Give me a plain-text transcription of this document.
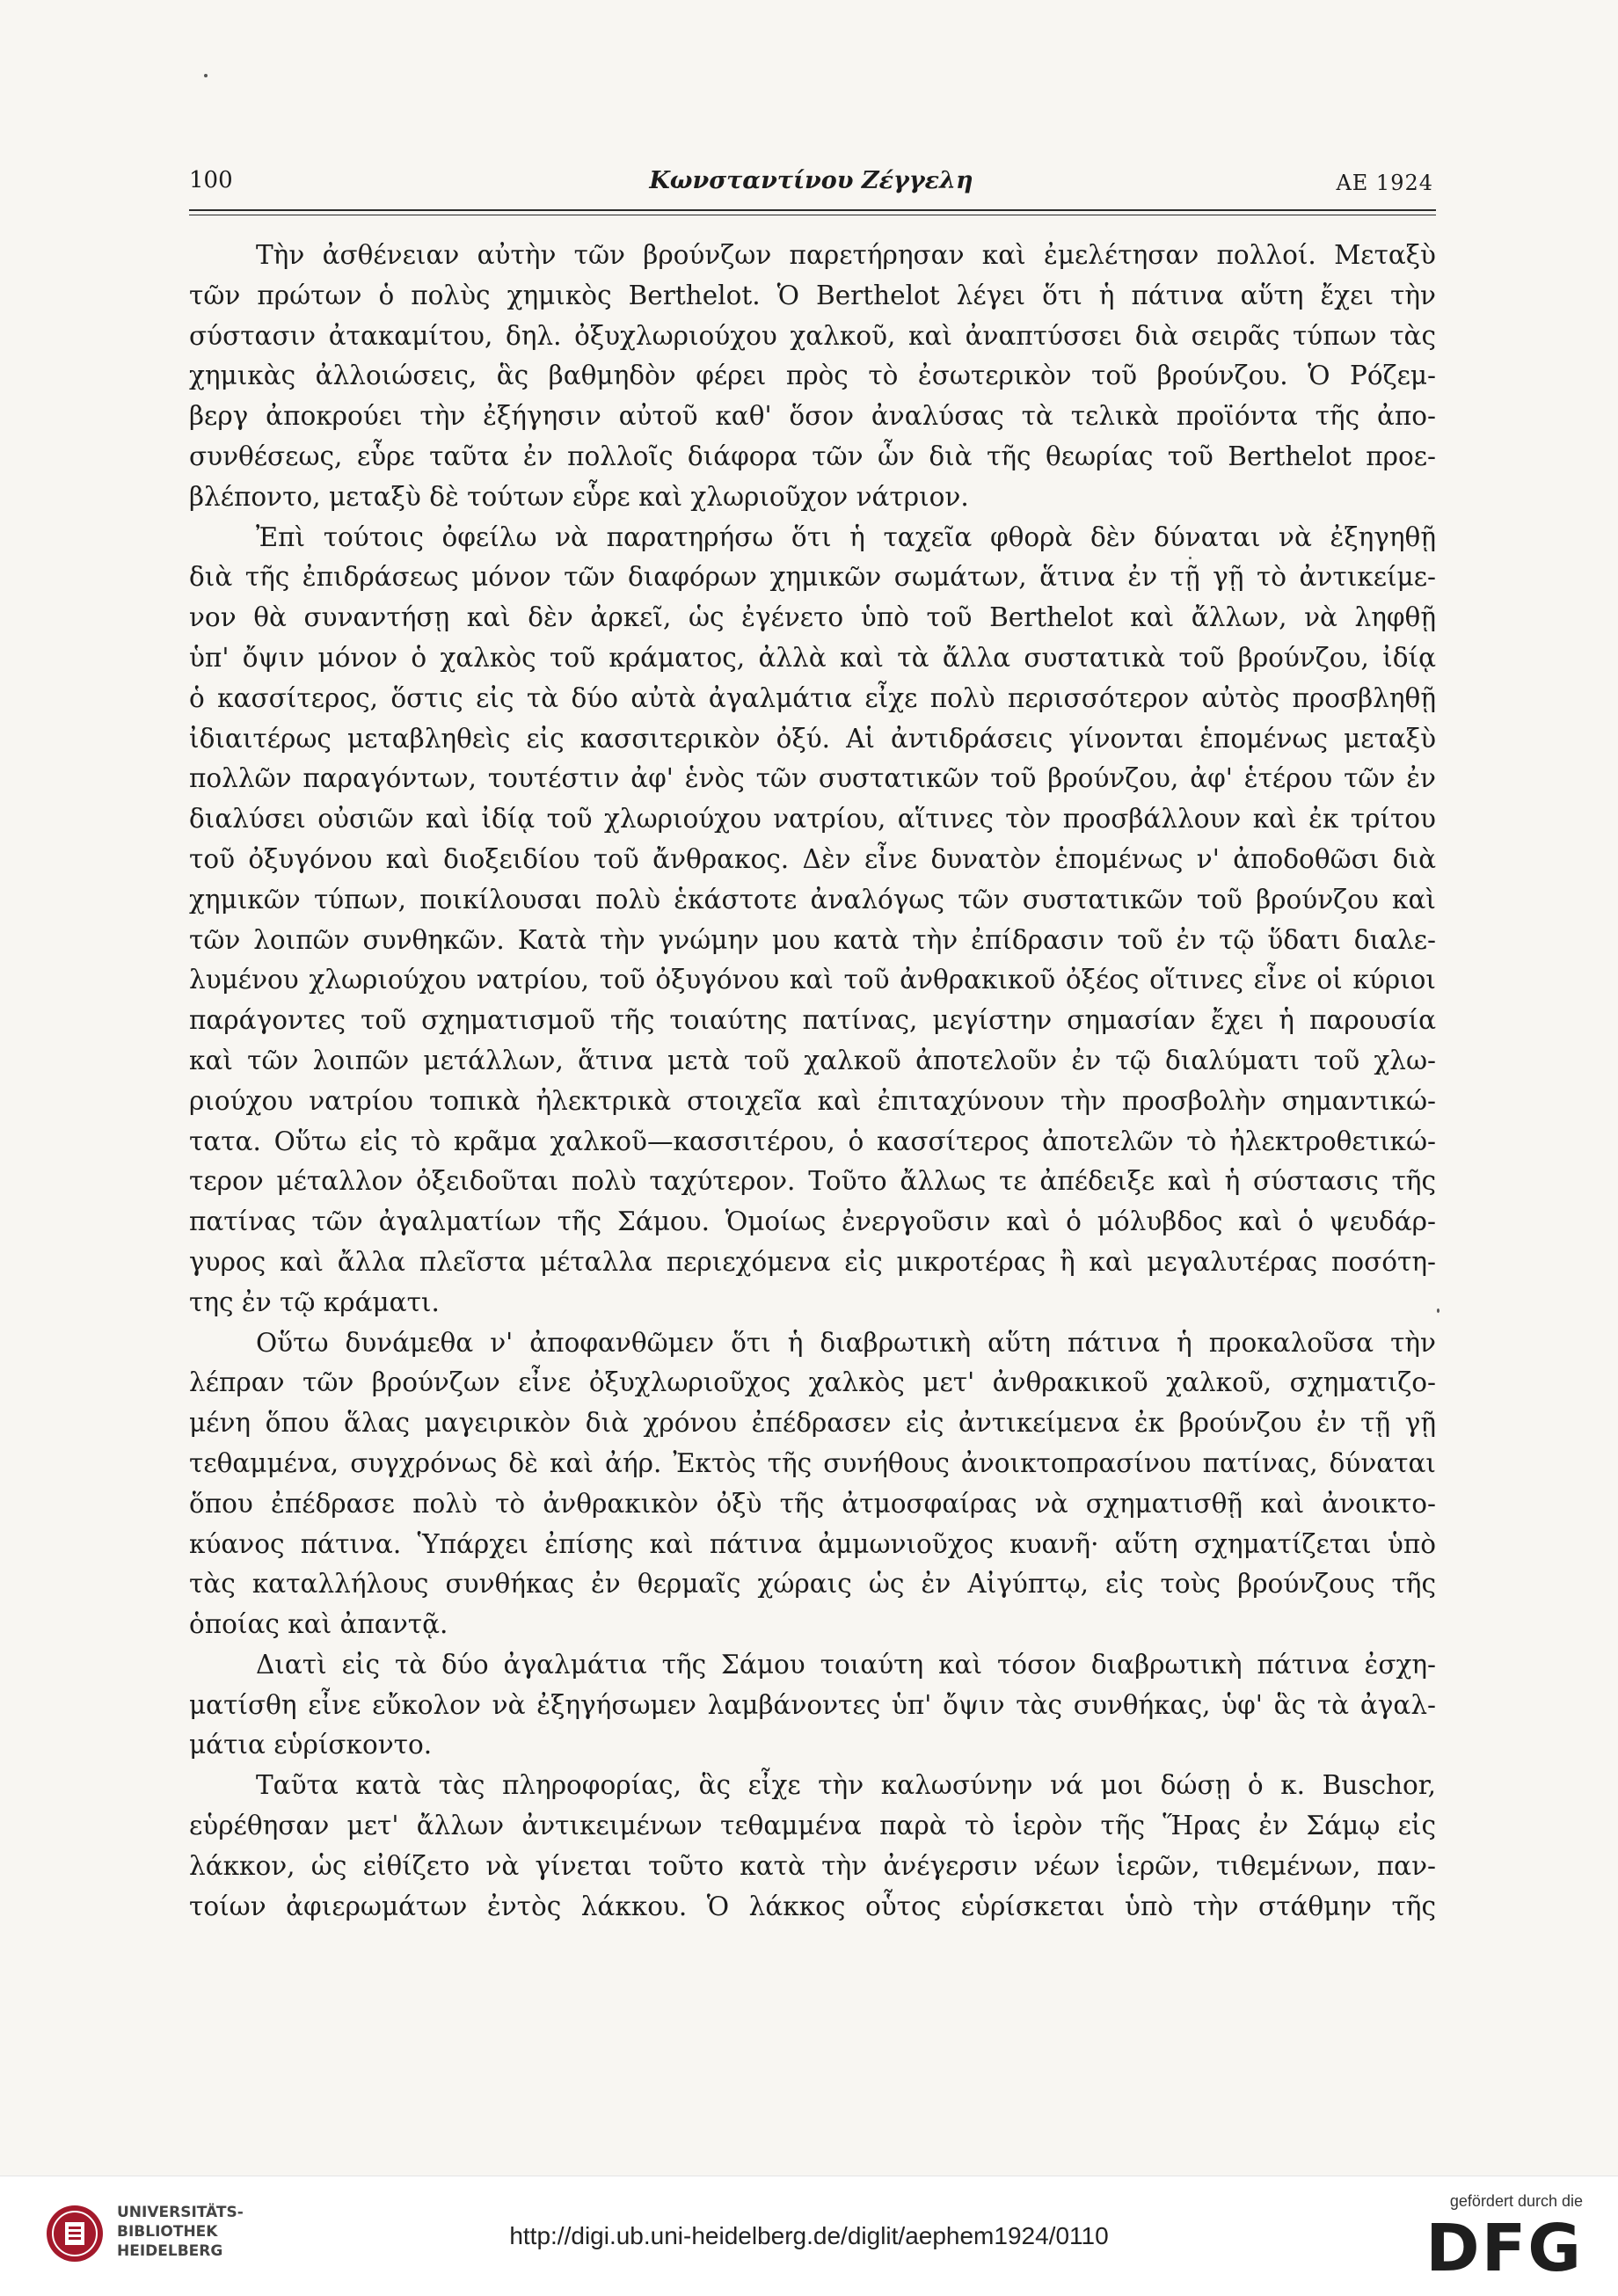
100	Κωνσταντίνου Ζέγγελη	ΑΕ 1924

Τὴν ἀσθένειαν αὐτὴν τῶν βρούνζων παρετήρησαν καὶ ἐμελέτησαν πολλοί. Μεταξὺ
τῶν πρώτων ὁ πολὺς χημικὸς Berthelot. Ὁ Berthelot λέγει ὅτι ἡ πάτινα αὕτη ἔχει τὴν
σύστασιν ἀτακαμίτου, δηλ. ὀξυχλωριούχου χαλκοῦ, καὶ ἀναπτύσσει διὰ σειρᾶς τύπων τὰς
χημικὰς ἀλλοιώσεις, ἃς βαθμηδὸν φέρει πρὸς τὸ ἐσωτερικὸν τοῦ βρούνζου. Ὁ Ρόζεμ-
βεργ ἀποκρούει τὴν ἐξήγησιν αὐτοῦ καθ' ὅσον ἀναλύσας τὰ τελικὰ προϊόντα τῆς ἀπο-
συνθέσεως, εὗρε ταῦτα ἐν πολλοῖς διάφορα τῶν ὧν διὰ τῆς θεωρίας τοῦ Berthelot προε-
βλέποντο, μεταξὺ δὲ τούτων εὗρε καὶ χλωριοῦχον νάτριον.

Ἐπὶ τούτοις ὀφείλω νὰ παρατηρήσω ὅτι ἡ ταχεῖα φθορὰ δὲν δύναται νὰ ἐξηγηθῇ
διὰ τῆς ἐπιδράσεως μόνον τῶν διαφόρων χημικῶν σωμάτων, ἅτινα ἐν τῇ γῇ τὸ ἀντικείμε-
νον θὰ συναντήσῃ καὶ δὲν ἀρκεῖ, ὡς ἐγένετο ὑπὸ τοῦ Berthelot καὶ ἄλλων, νὰ ληφθῇ
ὑπ' ὄψιν μόνον ὁ χαλκὸς τοῦ κράματος, ἀλλὰ καὶ τὰ ἄλλα συστατικὰ τοῦ βρούνζου, ἰδίᾳ
ὁ κασσίτερος, ὅστις εἰς τὰ δύο αὐτὰ ἀγαλμάτια εἶχε πολὺ περισσότερον αὐτὸς προσβληθῇ
ἰδιαιτέρως μεταβληθεὶς εἰς κασσιτερικὸν ὀξύ. Αἱ ἀντιδράσεις γίνονται ἑπομένως μεταξὺ
πολλῶν παραγόντων, τουτέστιν ἀφ' ἑνὸς τῶν συστατικῶν τοῦ βρούνζου, ἀφ' ἑτέρου τῶν ἐν
διαλύσει οὐσιῶν καὶ ἰδίᾳ τοῦ χλωριούχου νατρίου, αἵτινες τὸν προσβάλλουν καὶ ἐκ τρίτου
τοῦ ὀξυγόνου καὶ διοξειδίου τοῦ ἄνθρακος. Δὲν εἶνε δυνατὸν ἑπομένως ν' ἀποδοθῶσι διὰ
χημικῶν τύπων, ποικίλουσαι πολὺ ἑκάστοτε ἀναλόγως τῶν συστατικῶν τοῦ βρούνζου καὶ
τῶν λοιπῶν συνθηκῶν. Κατὰ τὴν γνώμην μου κατὰ τὴν ἐπίδρασιν τοῦ ἐν τῷ ὕδατι διαλε-
λυμένου χλωριούχου νατρίου, τοῦ ὀξυγόνου καὶ τοῦ ἀνθρακικοῦ ὀξέος οἵτινες εἶνε οἱ κύριοι
παράγοντες τοῦ σχηματισμοῦ τῆς τοιαύτης πατίνας, μεγίστην σημασίαν ἔχει ἡ παρουσία
καὶ τῶν λοιπῶν μετάλλων, ἅτινα μετὰ τοῦ χαλκοῦ ἀποτελοῦν ἐν τῷ διαλύματι τοῦ χλω-
ριούχου νατρίου τοπικὰ ἠλεκτρικὰ στοιχεῖα καὶ ἐπιταχύνουν τὴν προσβολὴν σημαντικώ-
τατα. Οὕτω εἰς τὸ κρᾶμα χαλκοῦ—κασσιτέρου, ὁ κασσίτερος ἀποτελῶν τὸ ἠλεκτροθετικώ-
τερον μέταλλον ὀξειδοῦται πολὺ ταχύτερον. Τοῦτο ἄλλως τε ἀπέδειξε καὶ ἡ σύστασις τῆς
πατίνας τῶν ἀγαλματίων τῆς Σάμου. Ὁμοίως ἐνεργοῦσιν καὶ ὁ μόλυβδος καὶ ὁ ψευδάρ-
γυρος καὶ ἄλλα πλεῖστα μέταλλα περιεχόμενα εἰς μικροτέρας ἢ καὶ μεγαλυτέρας ποσότη-
της ἐν τῷ κράματι.

Οὕτω δυνάμεθα ν' ἀποφανθῶμεν ὅτι ἡ διαβρωτικὴ αὕτη πάτινα ἡ προκαλοῦσα τὴν
λέπραν τῶν βρούνζων εἶνε ὀξυχλωριοῦχος χαλκὸς μετ' ἀνθρακικοῦ χαλκοῦ, σχηματιζο-
μένη ὅπου ἅλας μαγειρικὸν διὰ χρόνου ἐπέδρασεν εἰς ἀντικείμενα ἐκ βρούνζου ἐν τῇ γῇ
τεθαμμένα, συγχρόνως δὲ καὶ ἀήρ. Ἐκτὸς τῆς συνήθους ἀνοικτοπρασίνου πατίνας, δύναται
ὅπου ἐπέδρασε πολὺ τὸ ἀνθρακικὸν ὀξὺ τῆς ἀτμοσφαίρας νὰ σχηματισθῇ καὶ ἀνοικτο-
κύανος πάτινα. Ὑπάρχει ἐπίσης καὶ πάτινα ἀμμωνιοῦχος κυανῆ· αὕτη σχηματίζεται ὑπὸ
τὰς καταλλήλους συνθήκας ἐν θερμαῖς χώραις ὡς ἐν Αἰγύπτῳ, εἰς τοὺς βρούνζους τῆς
ὁποίας καὶ ἀπαντᾷ.

Διατὶ εἰς τὰ δύο ἀγαλμάτια τῆς Σάμου τοιαύτη καὶ τόσον διαβρωτικὴ πάτινα ἐσχη-
ματίσθη εἶνε εὔκολον νὰ ἐξηγήσωμεν λαμβάνοντες ὑπ' ὄψιν τὰς συνθήκας, ὑφ' ἃς τὰ ἀγαλ-
μάτια εὑρίσκοντο.

Ταῦτα κατὰ τὰς πληροφορίας, ἃς εἶχε τὴν καλωσύνην νά μοι δώσῃ ὁ κ. Buschor,
εὑρέθησαν μετ' ἄλλων ἀντικειμένων τεθαμμένα παρὰ τὸ ἱερὸν τῆς Ἥρας ἐν Σάμῳ εἰς
λάκκον, ὡς εἰθίζετο νὰ γίνεται τοῦτο κατὰ τὴν ἀνέγερσιν νέων ἱερῶν, τιθεμένων, παν-
τοίων ἀφιερωμάτων ἐντὸς λάκκου. Ὁ λάκκος οὗτος εὑρίσκεται ὑπὸ τὴν στάθμην τῆς

UNIVERSITÄTS-
BIBLIOTHEK
HEIDELBERG
http://digi.ub.uni-heidelberg.de/diglit/aephem1924/0110
gefördert durch die
DFG
